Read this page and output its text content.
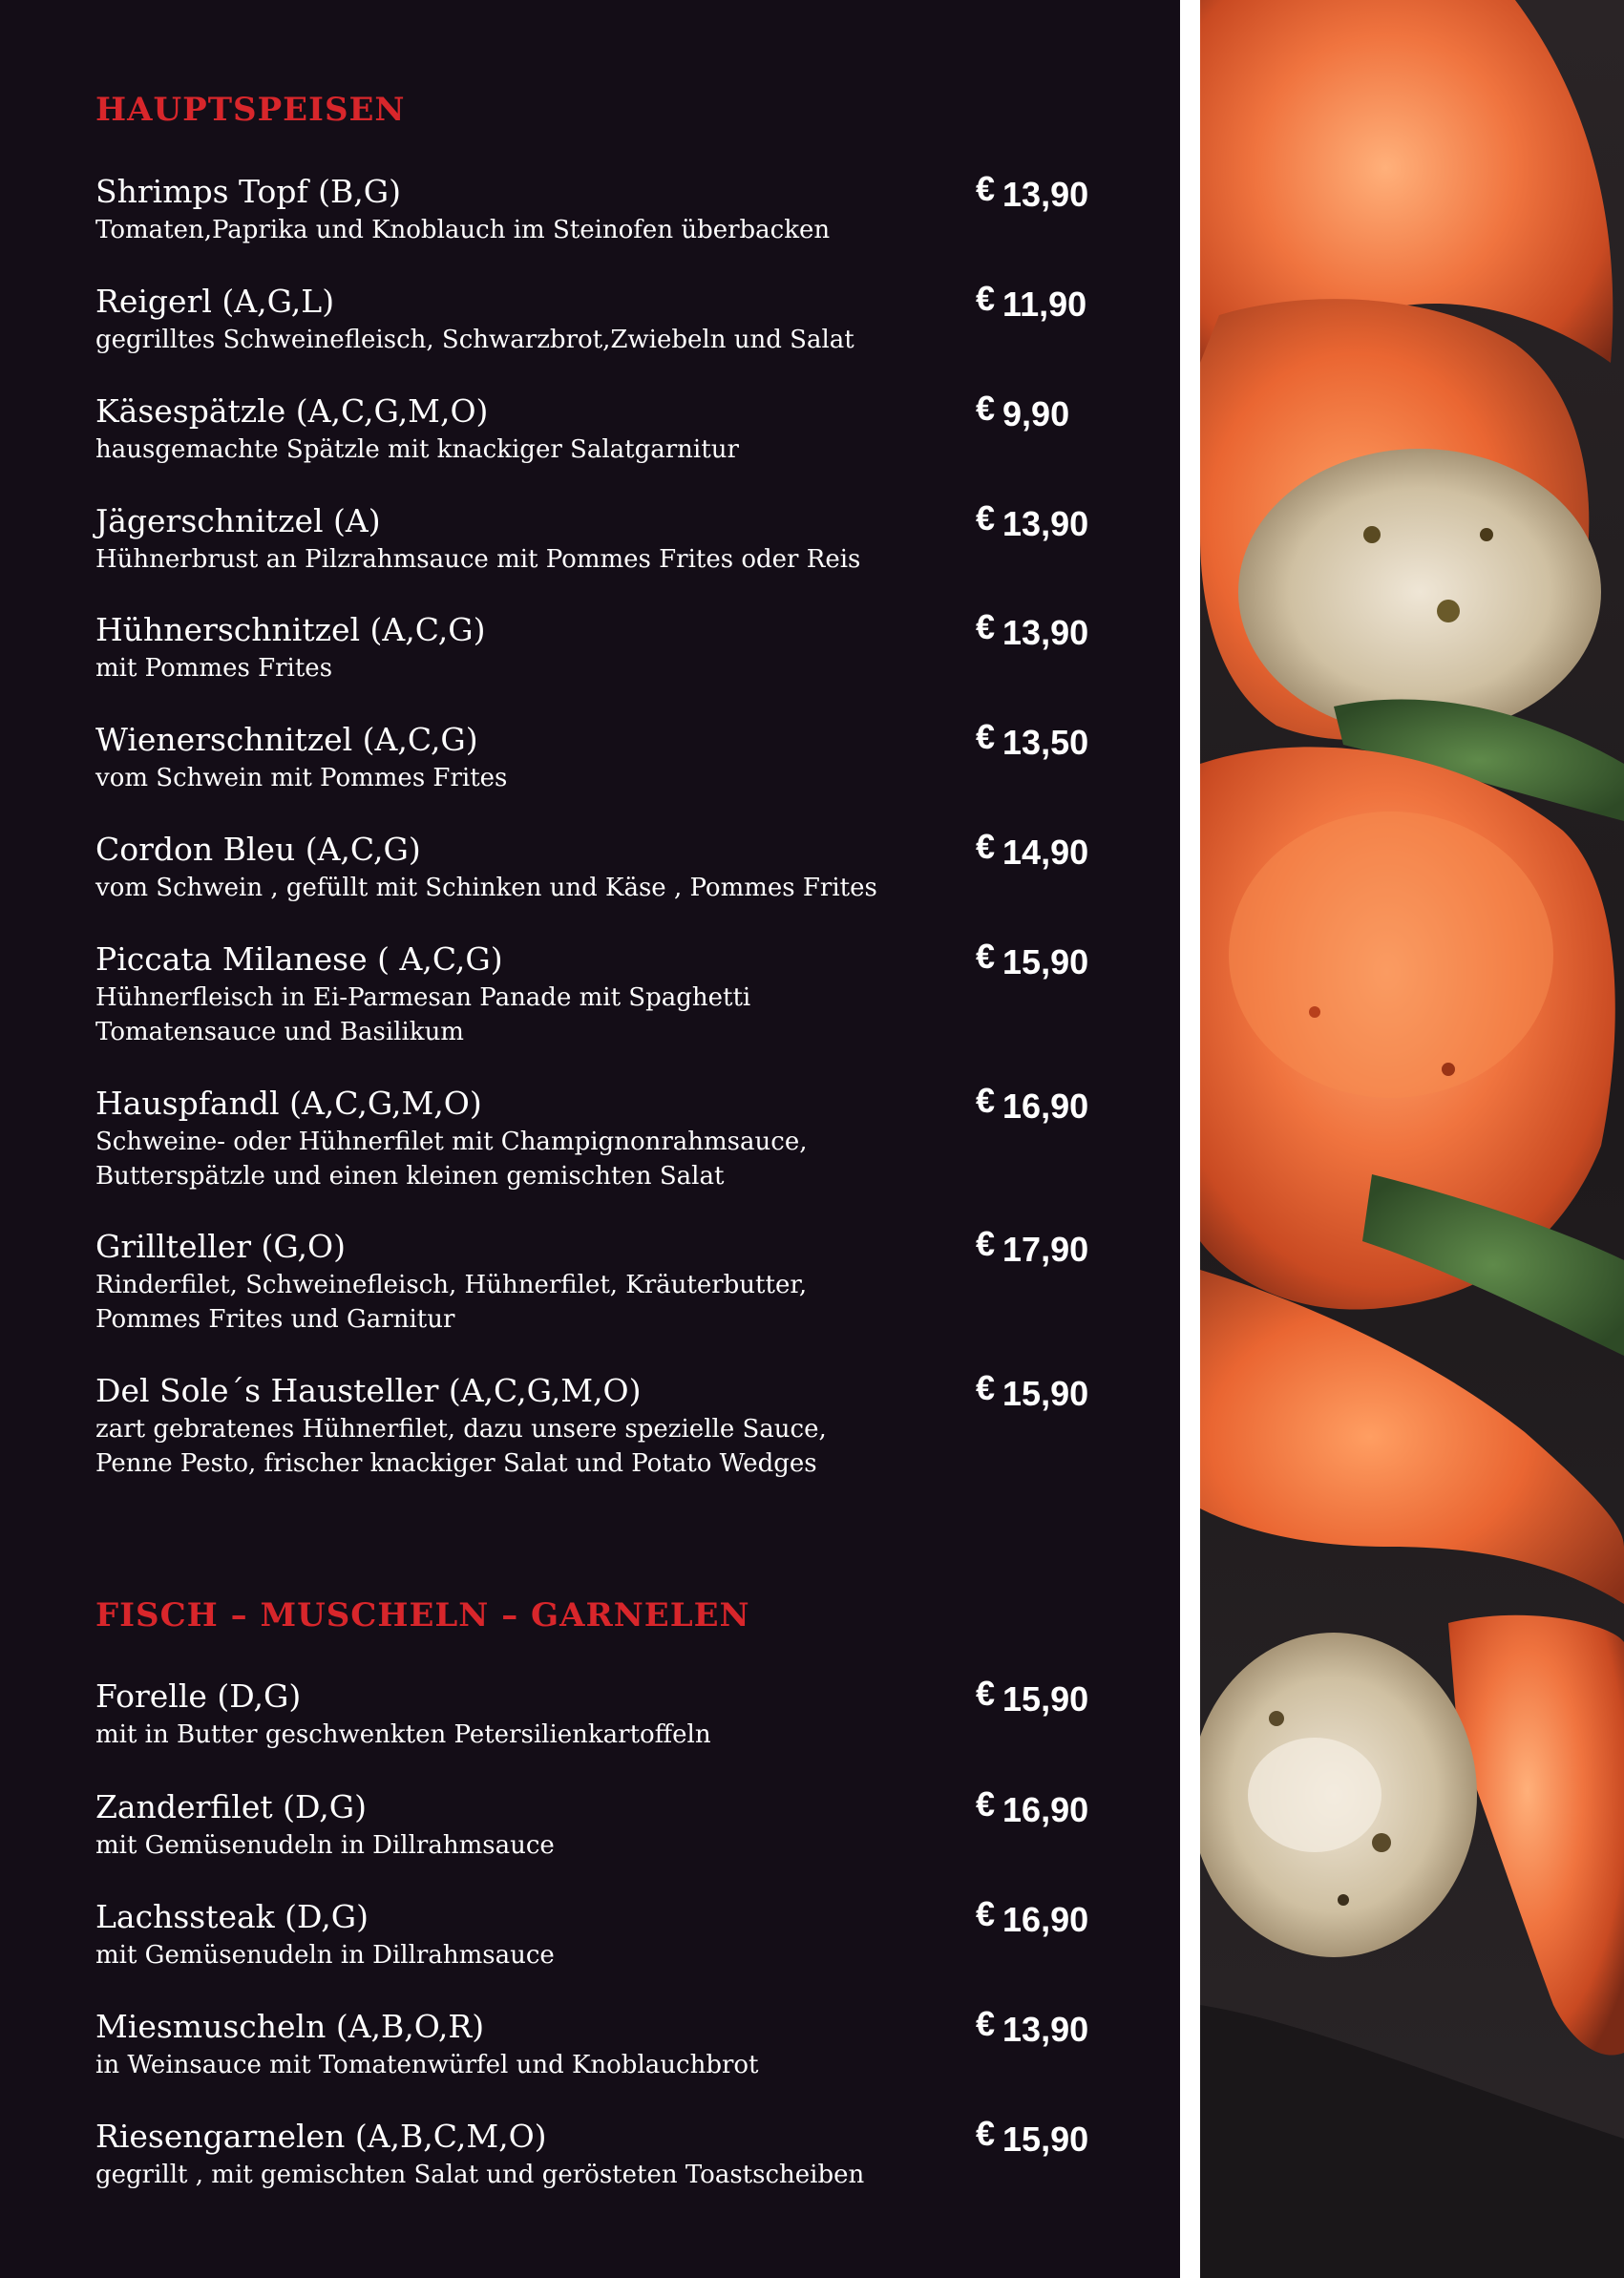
HAUPTSPEISEN
Shrimps Topf (B,G)
Tomaten,Paprika und Knoblauch im Steinofen überbacken
€ 13,90
Reigerl (A,G,L)
gegrilltes Schweinefleisch, Schwarzbrot,Zwiebeln und Salat
€ 11,90
Käsespätzle (A,C,G,M,O)
hausgemachte Spätzle mit knackiger Salatgarnitur
€ 9,90
Jägerschnitzel (A)
Hühnerbrust an Pilzrahmsauce mit Pommes Frites oder Reis
€ 13,90
Hühnerschnitzel (A,C,G)
mit Pommes Frites
€ 13,90
Wienerschnitzel (A,C,G)
vom Schwein mit Pommes Frites
€ 13,50
Cordon Bleu (A,C,G)
vom Schwein , gefüllt mit Schinken und Käse , Pommes Frites
€ 14,90
Piccata Milanese ( A,C,G)
Hühnerfleisch in Ei-Parmesan Panade mit Spaghetti
Tomatensauce und Basilikum
€ 15,90
Hauspfandl (A,C,G,M,O)
Schweine- oder Hühnerfilet mit Champignonrahmsauce,
Butterspätzle und einen kleinen gemischten Salat
€ 16,90
Grillteller (G,O)
Rinderfilet, Schweinefleisch, Hühnerfilet, Kräuterbutter,
Pommes Frites und Garnitur
€ 17,90
Del Sole´s Hausteller (A,C,G,M,O)
zart gebratenes Hühnerfilet, dazu unsere spezielle Sauce,
Penne Pesto, frischer knackiger Salat und Potato Wedges
€ 15,90
FISCH – MUSCHELN – GARNELEN
Forelle (D,G)
mit in Butter geschwenkten Petersilienkartoffeln
€ 15,90
Zanderfilet (D,G)
mit Gemüsenudeln in Dillrahmsauce
€ 16,90
Lachssteak (D,G)
mit Gemüsenudeln in Dillrahmsauce
€ 16,90
Miesmuscheln (A,B,O,R)
in Weinsauce mit Tomatenwürfel und Knoblauchbrot
€ 13,90
Riesengarnelen (A,B,C,M,O)
gegrillt , mit gemischten Salat und gerösteten Toastscheiben
€ 15,90
